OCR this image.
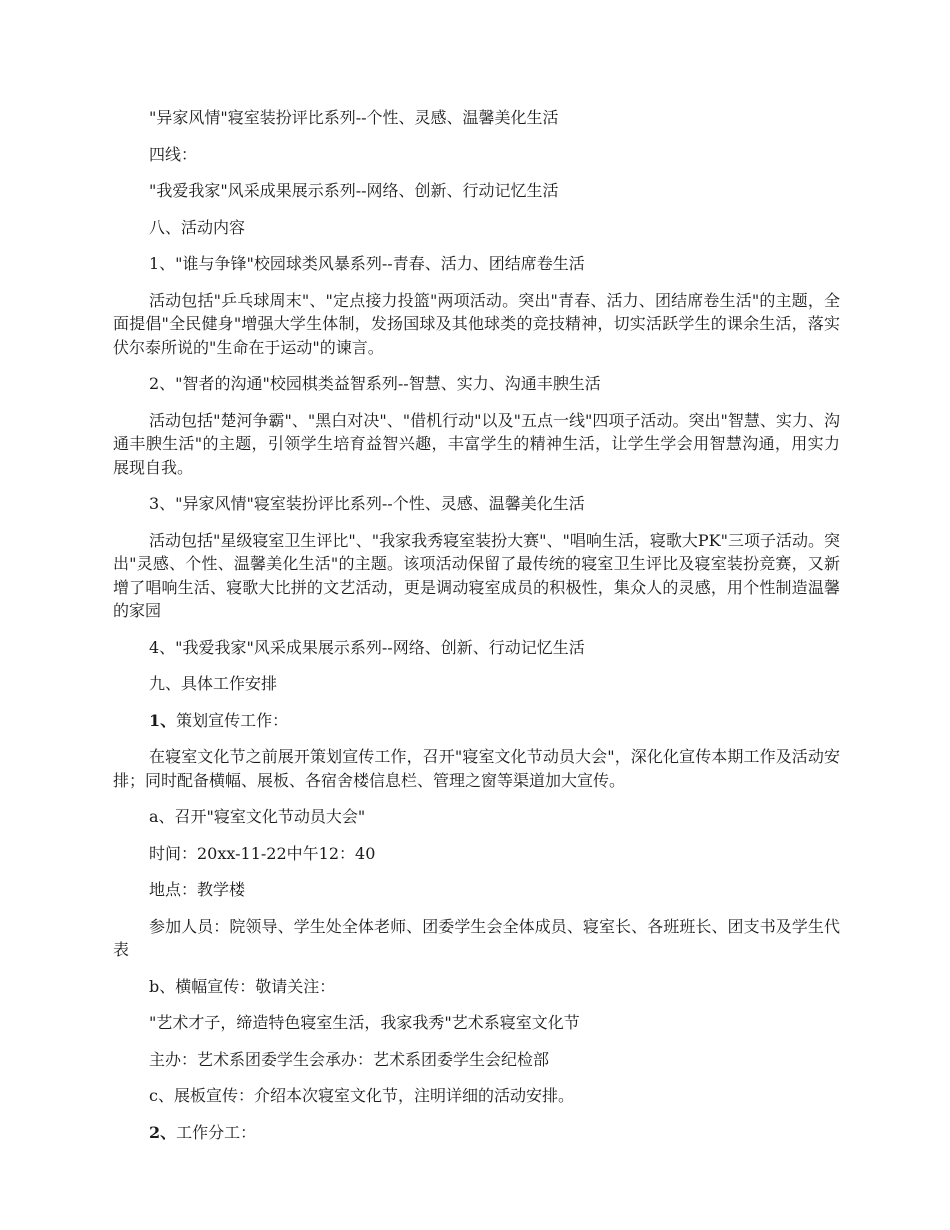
"异家风情"寝室装扮评比系列--个性、灵感、温馨美化生活

四线：

"我爱我家"风采成果展示系列--网络、创新、行动记忆生活

八、活动内容

1、"谁与争锋"校园球类风暴系列--青春、活力、团结席卷生活

活动包括"乒乓球周末"、"定点接力投篮"两项活动。突出"青春、活力、团结席卷生活"的主题，全面提倡"全民健身"增强大学生体制，发扬国球及其他球类的竞技精神，切实活跃学生的课余生活，落实伏尔泰所说的"生命在于运动"的谏言。

2、"智者的沟通"校园棋类益智系列--智慧、实力、沟通丰腴生活

活动包括"楚河争霸"、"黑白对决"、"借机行动"以及"五点一线"四项子活动。突出"智慧、实力、沟通丰腴生活"的主题，引领学生培育益智兴趣，丰富学生的精神生活，让学生学会用智慧沟通，用实力展现自我。

3、"异家风情"寝室装扮评比系列--个性、灵感、温馨美化生活

活动包括"星级寝室卫生评比"、"我家我秀寝室装扮大赛"、"唱响生活，寝歌大PK"三项子活动。突出"灵感、个性、温馨美化生活"的主题。该项活动保留了最传统的寝室卫生评比及寝室装扮竞赛，又新增了唱响生活、寝歌大比拼的文艺活动，更是调动寝室成员的积极性，集众人的灵感，用个性制造温馨的家园

4、"我爱我家"风采成果展示系列--网络、创新、行动记忆生活

九、具体工作安排

1、策划宣传工作：

在寝室文化节之前展开策划宣传工作，召开"寝室文化节动员大会"，深化化宣传本期工作及活动安排；同时配备横幅、展板、各宿舍楼信息栏、管理之窗等渠道加大宣传。

a、召开"寝室文化节动员大会"

时间：20xx-11-22中午12：40

地点：教学楼

参加人员：院领导、学生处全体老师、团委学生会全体成员、寝室长、各班班长、团支书及学生代表

b、横幅宣传：敬请关注：

"艺术才子，缔造特色寝室生活，我家我秀"艺术系寝室文化节

主办：艺术系团委学生会承办：艺术系团委学生会纪检部

c、展板宣传：介绍本次寝室文化节，注明详细的活动安排。

2、工作分工：
